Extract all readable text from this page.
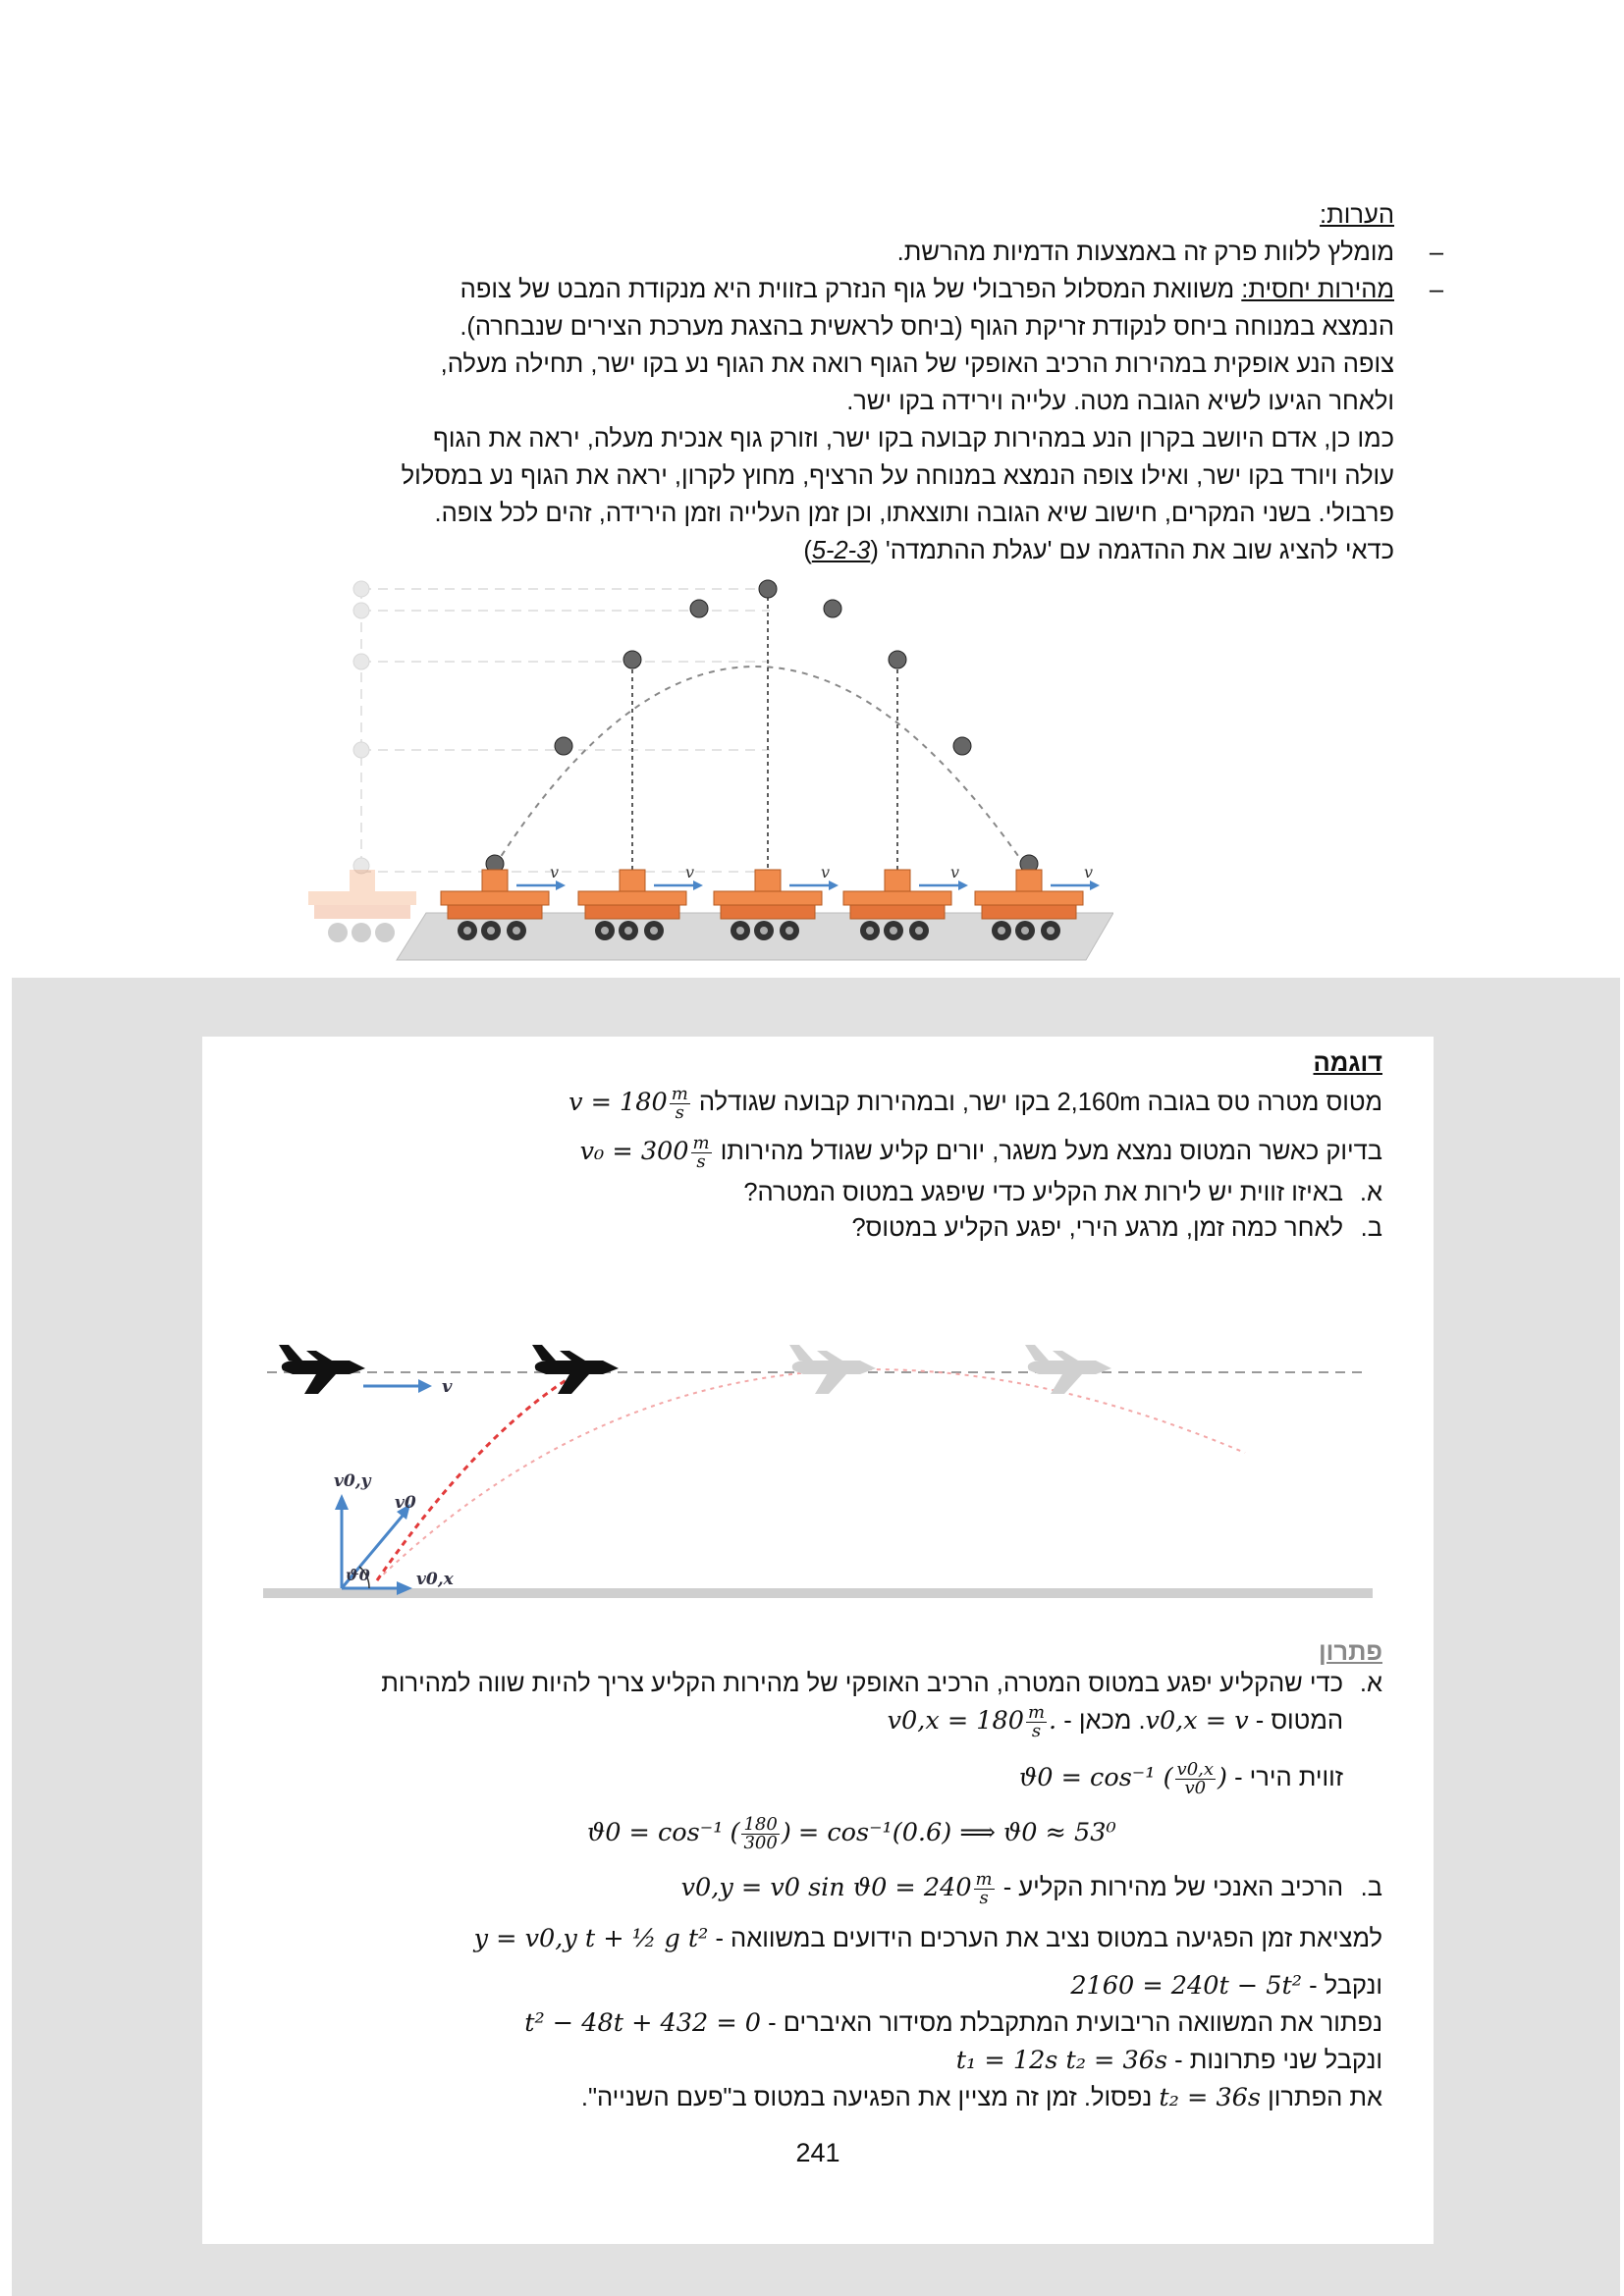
הערות:
מומלץ ללוות פרק זה באמצעות הדמיות מהרשת. –
מהירות יחסית: משוואת המסלול הפרבולי של גוף הנזרק בזווית היא מנקודת המבט של צופה	–
הנמצא במנוחה ביחס לנקודת זריקת הגוף (ביחס לראשית בהצגת מערכת הצירים שנבחרה).
צופה הנע אופקית במהירות הרכיב האופקי של הגוף רואה את הגוף נע בקו ישר, תחילה מעלה,
ולאחר הגיעו לשיא הגובה מטה. עלייה וירידה בקו ישר.
כמו כן, אדם היושב בקרון הנע במהירות קבועה בקו ישר, וזורק גוף אנכית מעלה, יראה את הגוף
עולה ויורד בקו ישר, ואילו צופה הנמצא במנוחה על הרציף, מחוץ לקרון, יראה את הגוף נע במסלול
פרבולי. בשני המקרים, חישוב שיא הגובה ותוצאתו, וכן זמן העלייה וזמן הירידה, זהים לכל צופה.
כדאי להציג שוב את ההדגמה עם 'עגלת ההתמדה' (5-2-3)
v	v	v	v	v
דוגמה
מטוס מטרה טס בגובה 2,160m בקו ישר, ובמהירות קבועה שגודלה $v = 180 \frac{m}{s}$
בדיוק כאשר המטוס נמצא מעל משגר, יורים קליע שגודל מהירותו $v_0 = 300 \frac{m}{s}$
א.באיזו זווית יש לירות את הקליע כדי שיפגע במטוס המטרה?
ב.לאחר כמה זמן, מרגע הירי, יפגע הקליע במטוס?
v
v0,y
v0
v0,x
ϑ0
פתרון
א.כדי שהקליע יפגע במטוס המטרה, הרכיב האופקי של מהירות הקליע צריך להיות שווה למהירות
המטוס - v0,x = v. מכאן - $v0,x = 180 \frac{m}{s}$ .
זווית הירי - ϑ0 = cos⁻¹ ( $\frac{v0,x}{v0}$ )
ϑ0 = cos⁻¹ ( $\frac{180}{300}$ ) = cos⁻¹(0.6) ⟹ ϑ0 ≈ 53⁰
ב.הרכיב האנכי של מהירות הקליע - v0,y = v0 $\sin ϑ0 = 240 \frac{m}{s}$
למציאת זמן הפגיעה במטוס נציב את הערכים הידועים במשוואה - y = v0,y t + ½ g t²
ונקבל - 2160 = 240t − 5t²
נפתור את המשוואה הריבועית המתקבלת מסידור האיברים - t² − 48t + 432 = 0
ונקבל שני פתרונות - t₁ = 12s t₂ = 36s
את הפתרון t₂ = 36s נפסול. זמן זה מציין את הפגיעה במטוס ב"פעם השנייה".
241
